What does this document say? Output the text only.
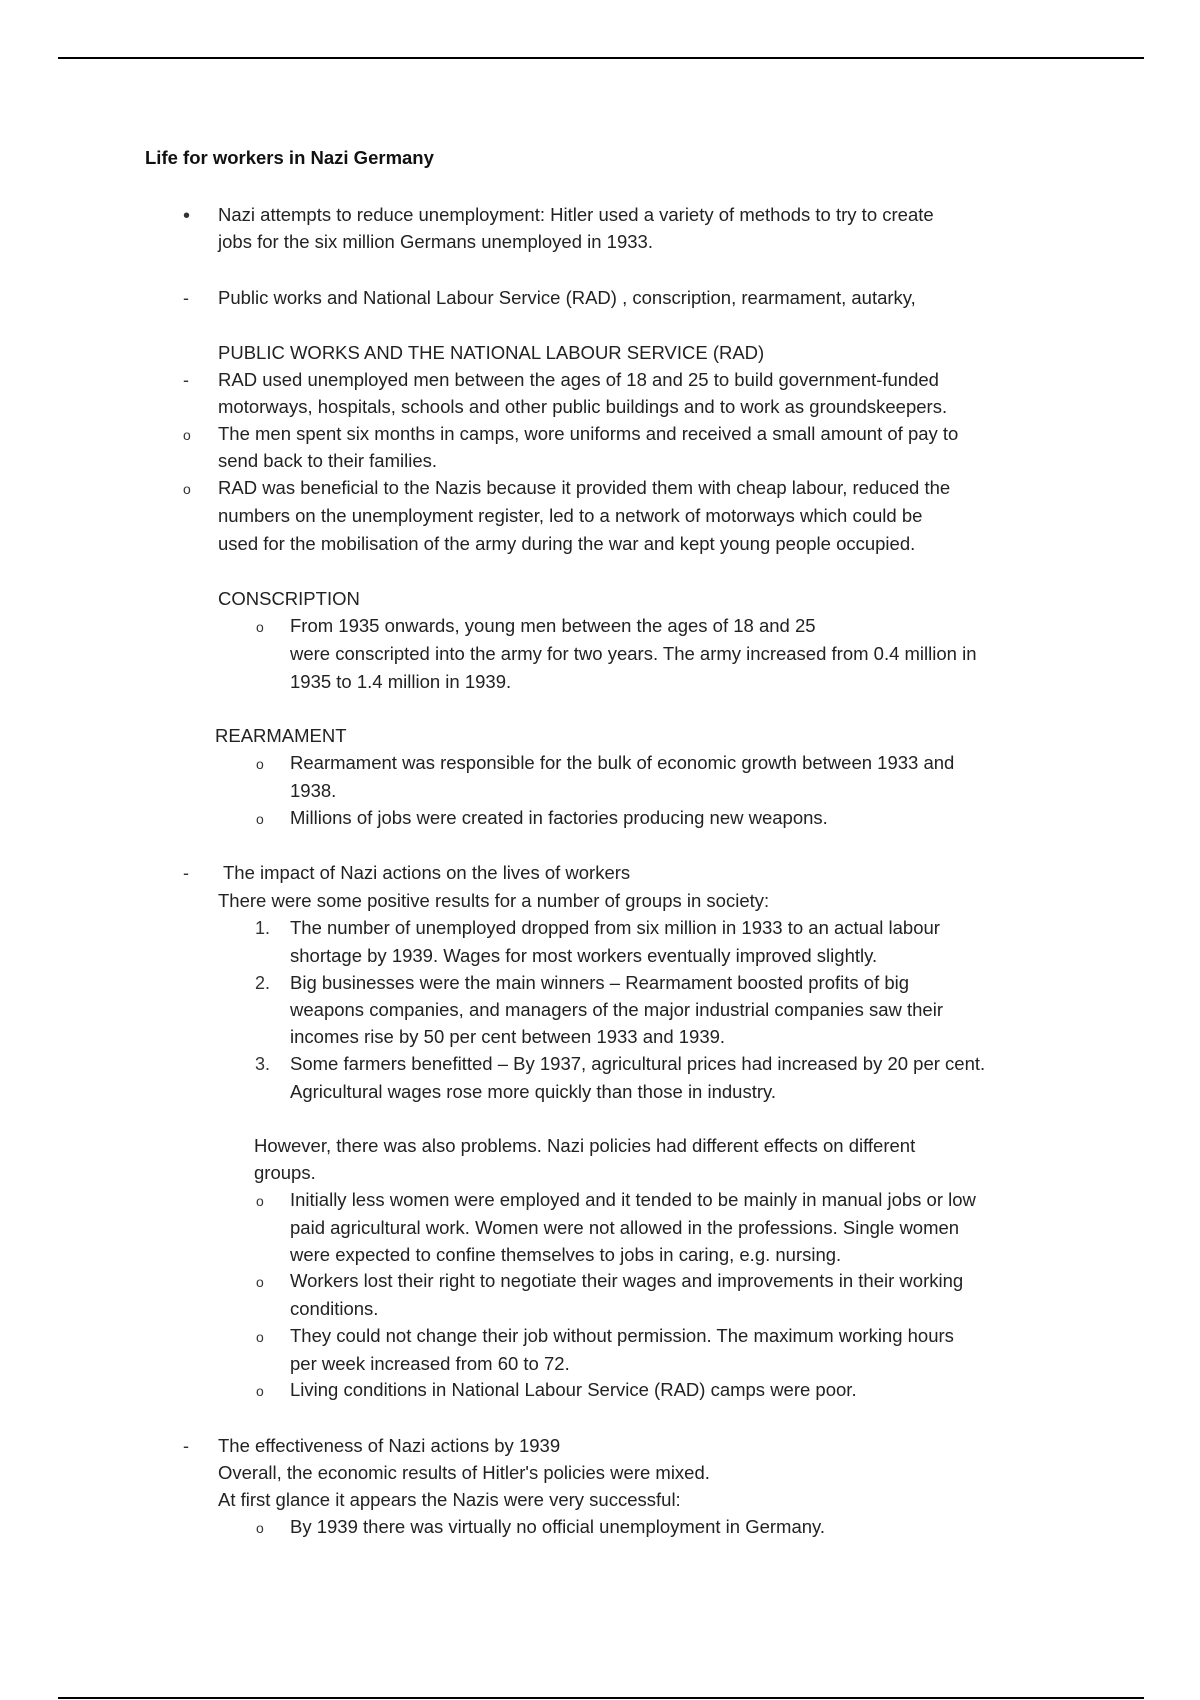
Life for workers in Nazi Germany
• Nazi attempts to reduce unemployment: Hitler used a variety of methods to try to create
jobs for the six million Germans unemployed in 1933.
- Public works and National Labour Service (RAD) , conscription, rearmament, autarky,
PUBLIC WORKS AND THE NATIONAL LABOUR SERVICE (RAD)
- RAD used unemployed men between the ages of 18 and 25 to build government-funded
motorways, hospitals, schools and other public buildings and to work as groundskeepers.
o The men spent six months in camps, wore uniforms and received a small amount of pay to
send back to their families.
o RAD was beneficial to the Nazis because it provided them with cheap labour, reduced the
numbers on the unemployment register, led to a network of motorways which could be
used for the mobilisation of the army during the war and kept young people occupied.
CONSCRIPTION
o From 1935 onwards, young men between the ages of 18 and 25
were conscripted into the army for two years. The army increased from 0.4 million in
1935 to 1.4 million in 1939.
REARMAMENT
o Rearmament was responsible for the bulk of economic growth between 1933 and
1938.
o Millions of jobs were created in factories producing new weapons.
- The impact of Nazi actions on the lives of workers
There were some positive results for a number of groups in society:
1. The number of unemployed dropped from six million in 1933 to an actual labour
shortage by 1939. Wages for most workers eventually improved slightly.
2. Big businesses were the main winners – Rearmament boosted profits of big
weapons companies, and managers of the major industrial companies saw their
incomes rise by 50 per cent between 1933 and 1939.
3. Some farmers benefitted – By 1937, agricultural prices had increased by 20 per cent.
Agricultural wages rose more quickly than those in industry.
However, there was also problems. Nazi policies had different effects on different
groups.
o Initially less women were employed and it tended to be mainly in manual jobs or low
paid agricultural work. Women were not allowed in the professions. Single women
were expected to confine themselves to jobs in caring, e.g. nursing.
o Workers lost their right to negotiate their wages and improvements in their working
conditions.
o They could not change their job without permission. The maximum working hours
per week increased from 60 to 72.
o Living conditions in National Labour Service (RAD) camps were poor.
- The effectiveness of Nazi actions by 1939
Overall, the economic results of Hitler's policies were mixed.
At first glance it appears the Nazis were very successful:
o By 1939 there was virtually no official unemployment in Germany.
